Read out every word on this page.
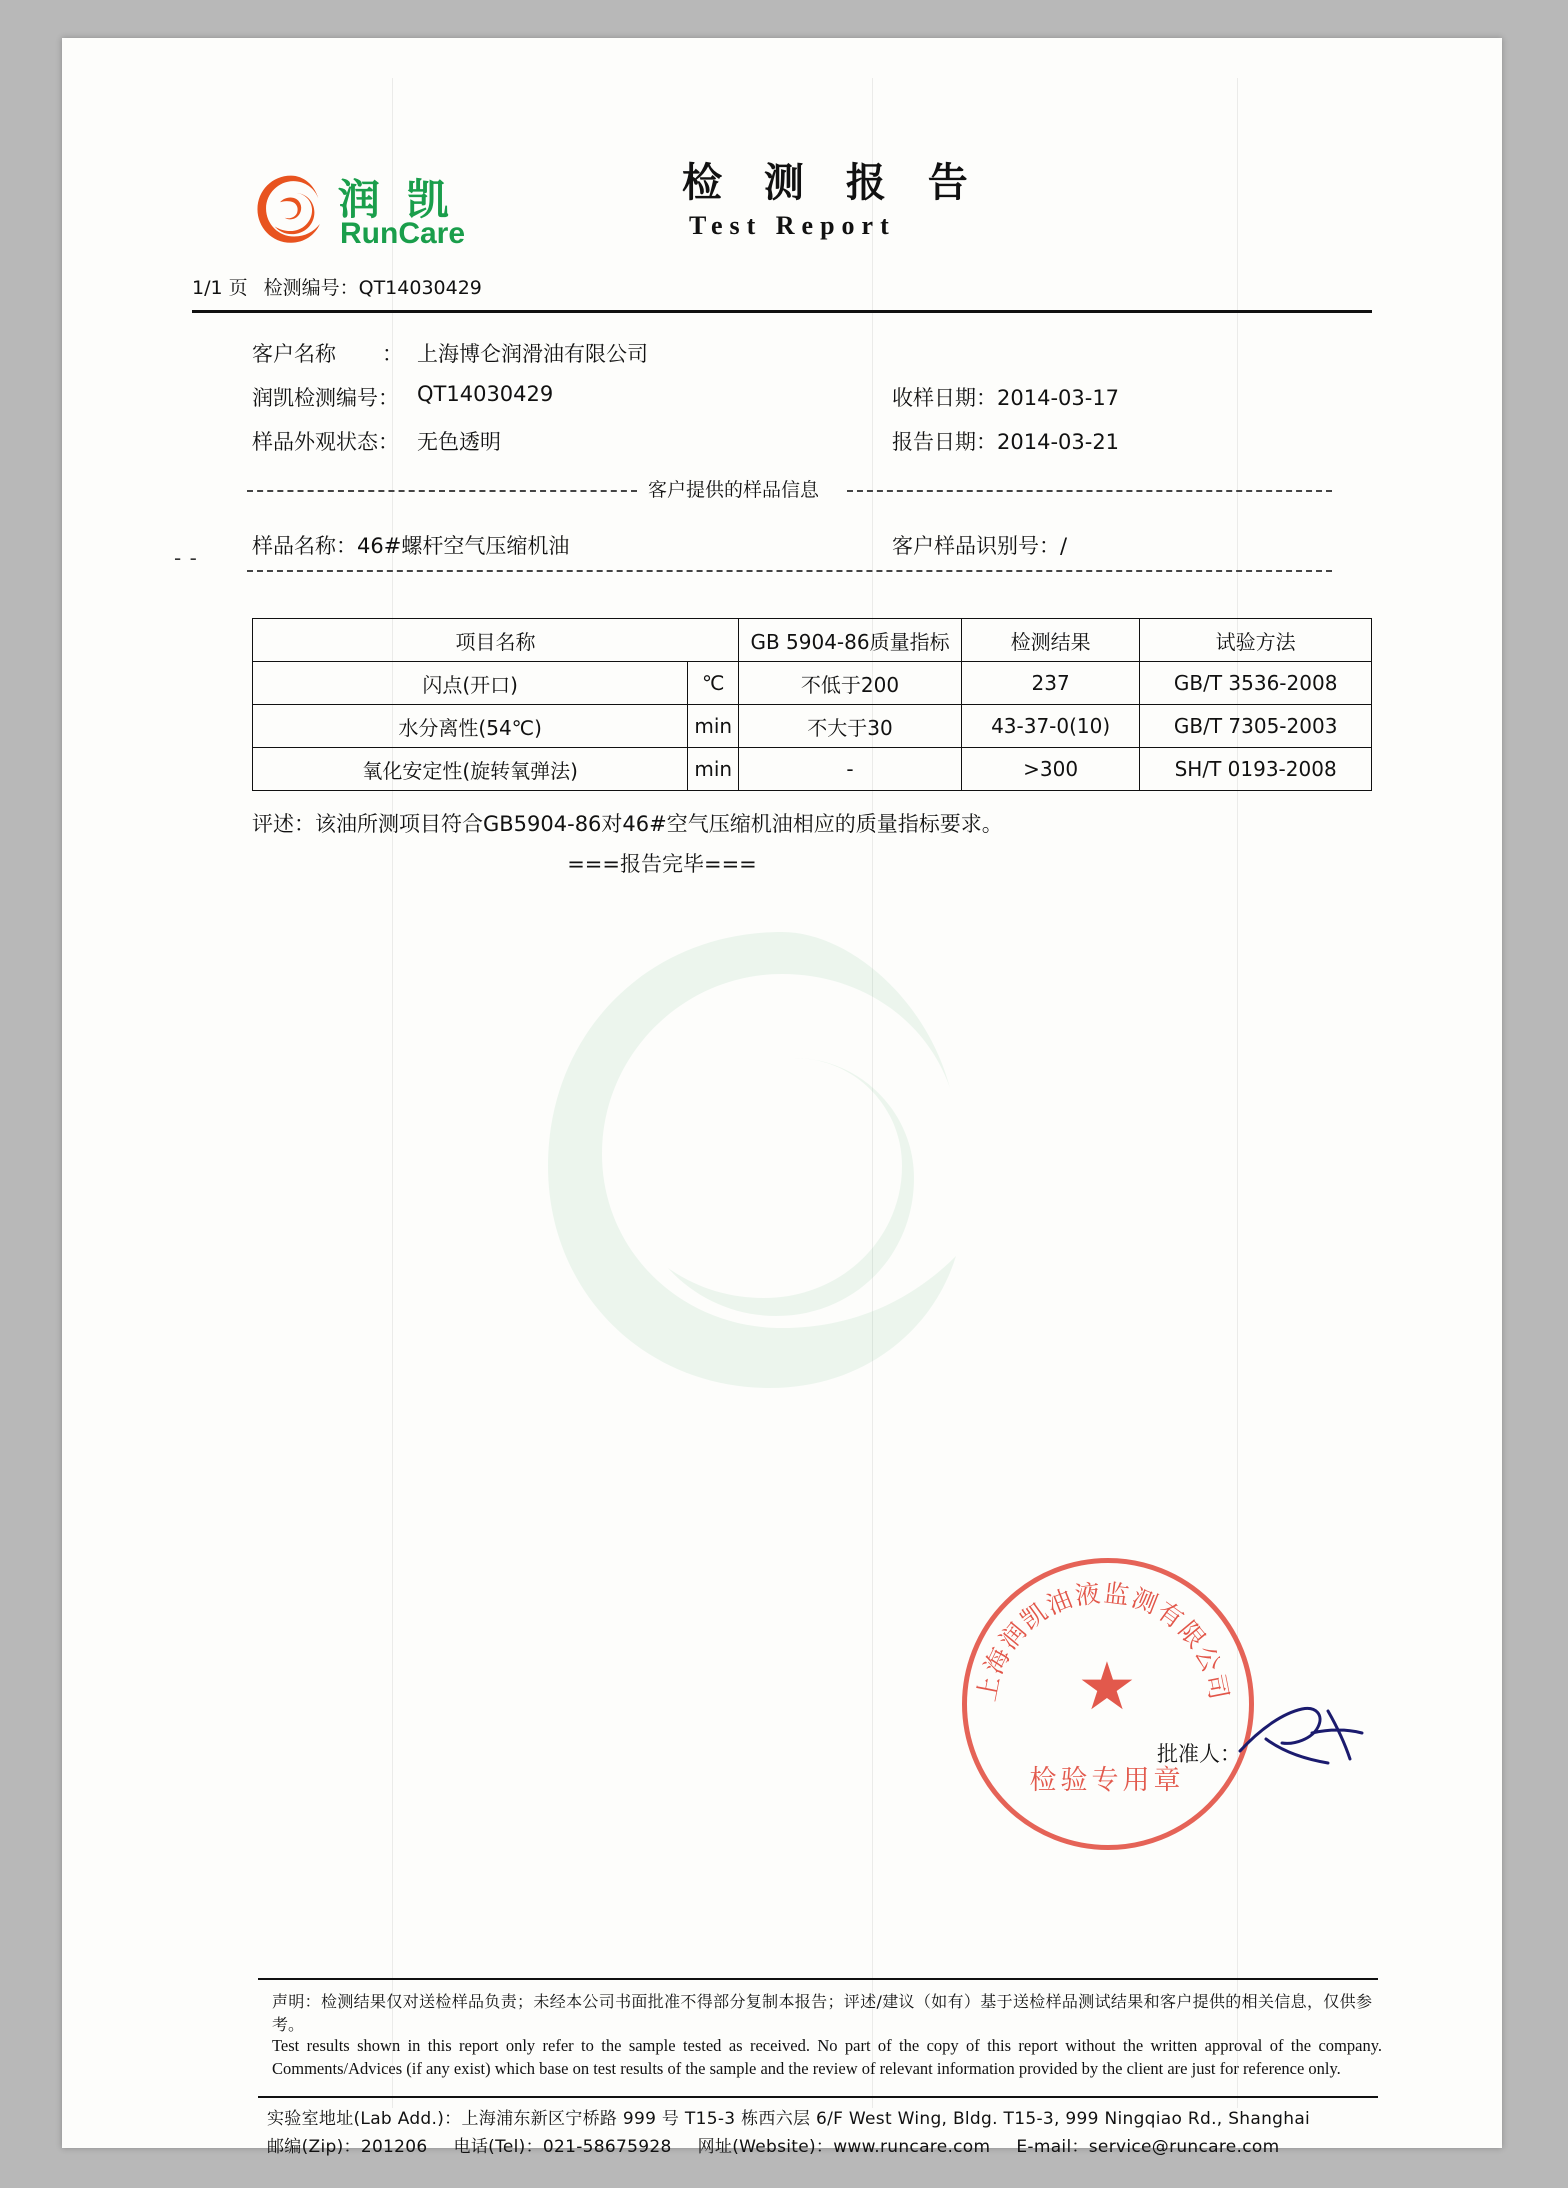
润 凯
RunCare
检 测 报 告
Test Report
1/1 页 检测编号：QT14030429
客户名称 ： 上海博仑润滑油有限公司
润凯检测编号： QT14030429	收样日期：2014-03-17
样品外观状态： 无色透明	报告日期：2014-03-21
- -
客户提供的样品信息
样品名称：46#螺杆空气压缩机油	客户样品识别号：/
项目名称		GB 5904-86质量指标	检测结果	试验方法
闪点(开口)	℃	不低于200	237	GB/T 3536-2008
水分离性(54℃)	min	不大于30	43-37-0(10)	GB/T 7305-2003
氧化安定性(旋转氧弹法)	min	-	>300	SH/T 0193-2008
评述：该油所测项目符合GB5904-86对46#空气压缩机油相应的质量指标要求。
===报告完毕===
上海润凯油液监测有限公司
★
检验专用章
批准人：
声明：检测结果仅对送检样品负责；未经本公司书面批准不得部分复制本报告；评述/建议（如有）基于送检样品测试结果和客户提供的相关信息，仅供参考。
Test results shown in this report only refer to the sample tested as received. No part of the copy of this report without the written approval of the company. Comments/Advices (if any exist) which base on test results of the sample and the review of relevant information provided by the client are just for reference only.
实验室地址(Lab Add.)：上海浦东新区宁桥路 999 号 T15-3 栋西六层 6/F West Wing, Bldg. T15-3, 999 Ningqiao Rd., Shanghai
邮编(Zip)：201206 电话(Tel)：021-58675928 网址(Website)：www.runcare.com E-mail：service@runcare.com
